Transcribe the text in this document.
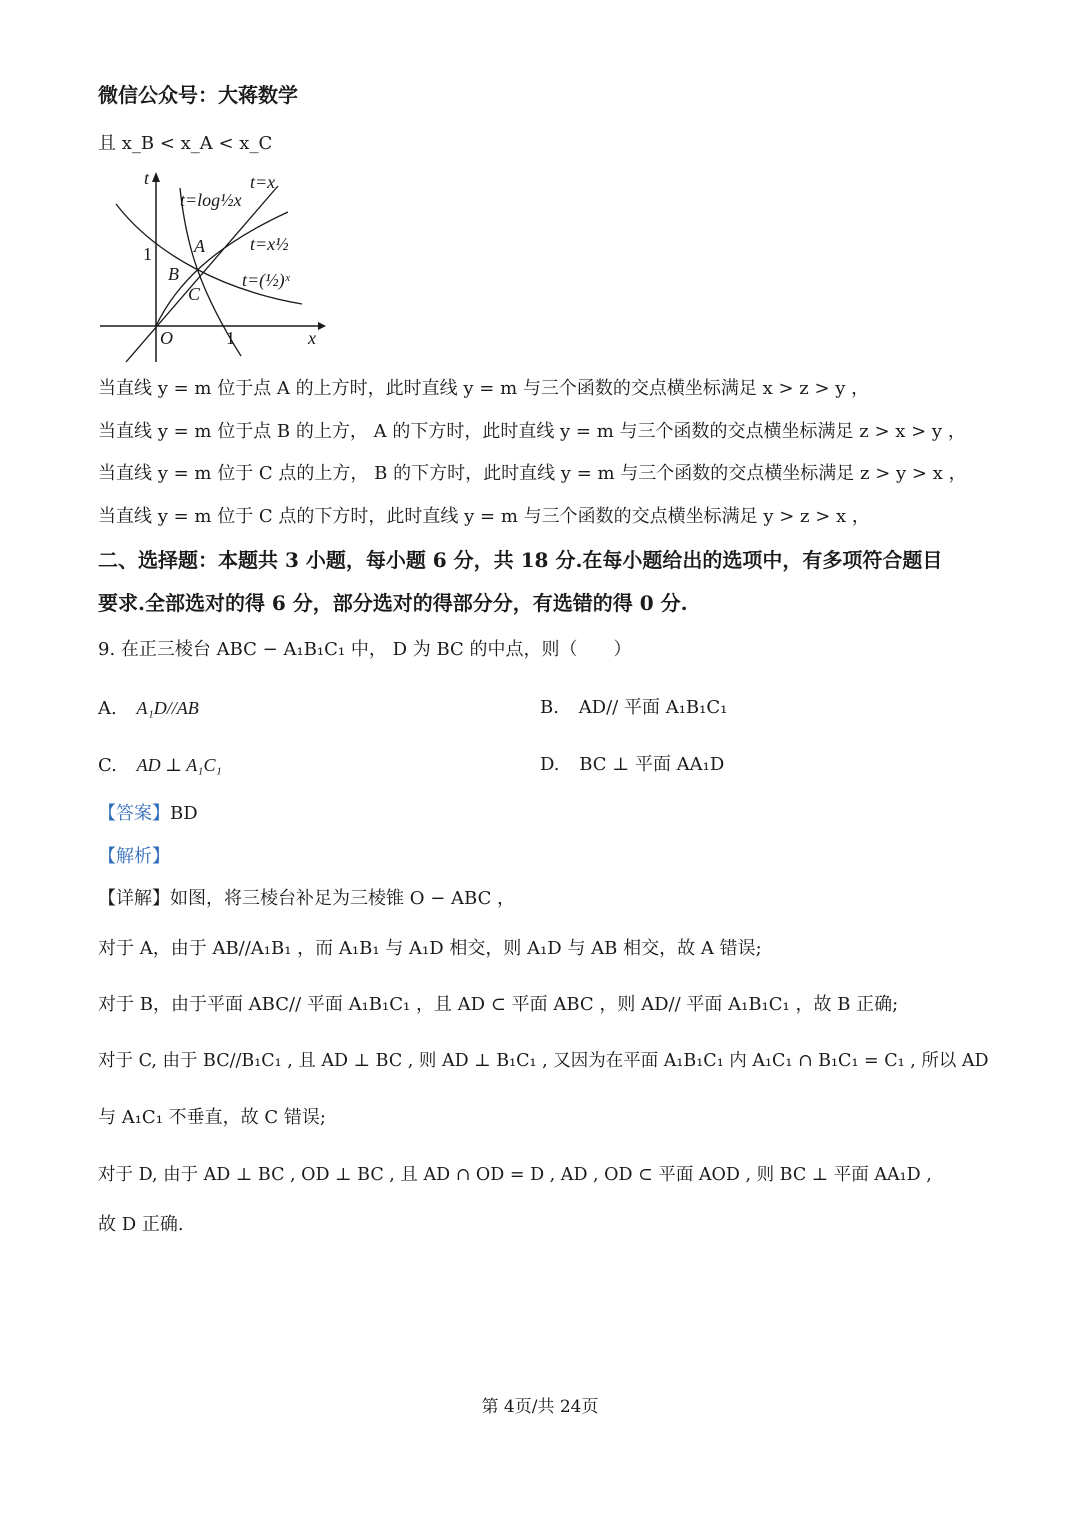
微信公众号：大蒋数学
且 x_B < x_A < x_C
t
x
O
1
1
t=log½x
t=x
t=x½
t=(½)ˣ
A
B
C
当直线 y = m 位于点 A 的上方时，此时直线 y = m 与三个函数的交点横坐标满足 x > z > y ，
当直线 y = m 位于点 B 的上方， A 的下方时，此时直线 y = m 与三个函数的交点横坐标满足 z > x > y ，
当直线 y = m 位于 C 点的上方， B 的下方时，此时直线 y = m 与三个函数的交点横坐标满足 z > y > x ，
当直线 y = m 位于 C 点的下方时，此时直线 y = m 与三个函数的交点横坐标满足 y > z > x ，
二、选择题：本题共 3 小题，每小题 6 分，共 18 分.在每小题给出的选项中，有多项符合题目
要求.全部选对的得 6 分，部分选对的得部分分，有选错的得 0 分.
9. 在正三棱台 ABC − A₁B₁C₁ 中， D 为 BC 的中点，则（　　）
A. A₁D//AB	B. AD// 平面 A₁B₁C₁
C. AD ⊥ A₁C₁	D. BC ⊥ 平面 AA₁D
【答案】BD
【解析】
【详解】如图，将三棱台补足为三棱锥 O − ABC ，
对于 A，由于 AB//A₁B₁ ，而 A₁B₁ 与 A₁D 相交，则 A₁D 与 AB 相交，故 A 错误;
对于 B，由于平面 ABC// 平面 A₁B₁C₁ ，且 AD ⊂ 平面 ABC ，则 AD// 平面 A₁B₁C₁ ，故 B 正确;
对于 C, 由于 BC//B₁C₁ , 且 AD ⊥ BC , 则 AD ⊥ B₁C₁ , 又因为在平面 A₁B₁C₁ 内 A₁C₁ ∩ B₁C₁ = C₁ , 所以 AD
与 A₁C₁ 不垂直，故 C 错误;
对于 D, 由于 AD ⊥ BC , OD ⊥ BC , 且 AD ∩ OD = D , AD , OD ⊂ 平面 AOD , 则 BC ⊥ 平面 AA₁D ,
故 D 正确.
第 4页/共 24页
